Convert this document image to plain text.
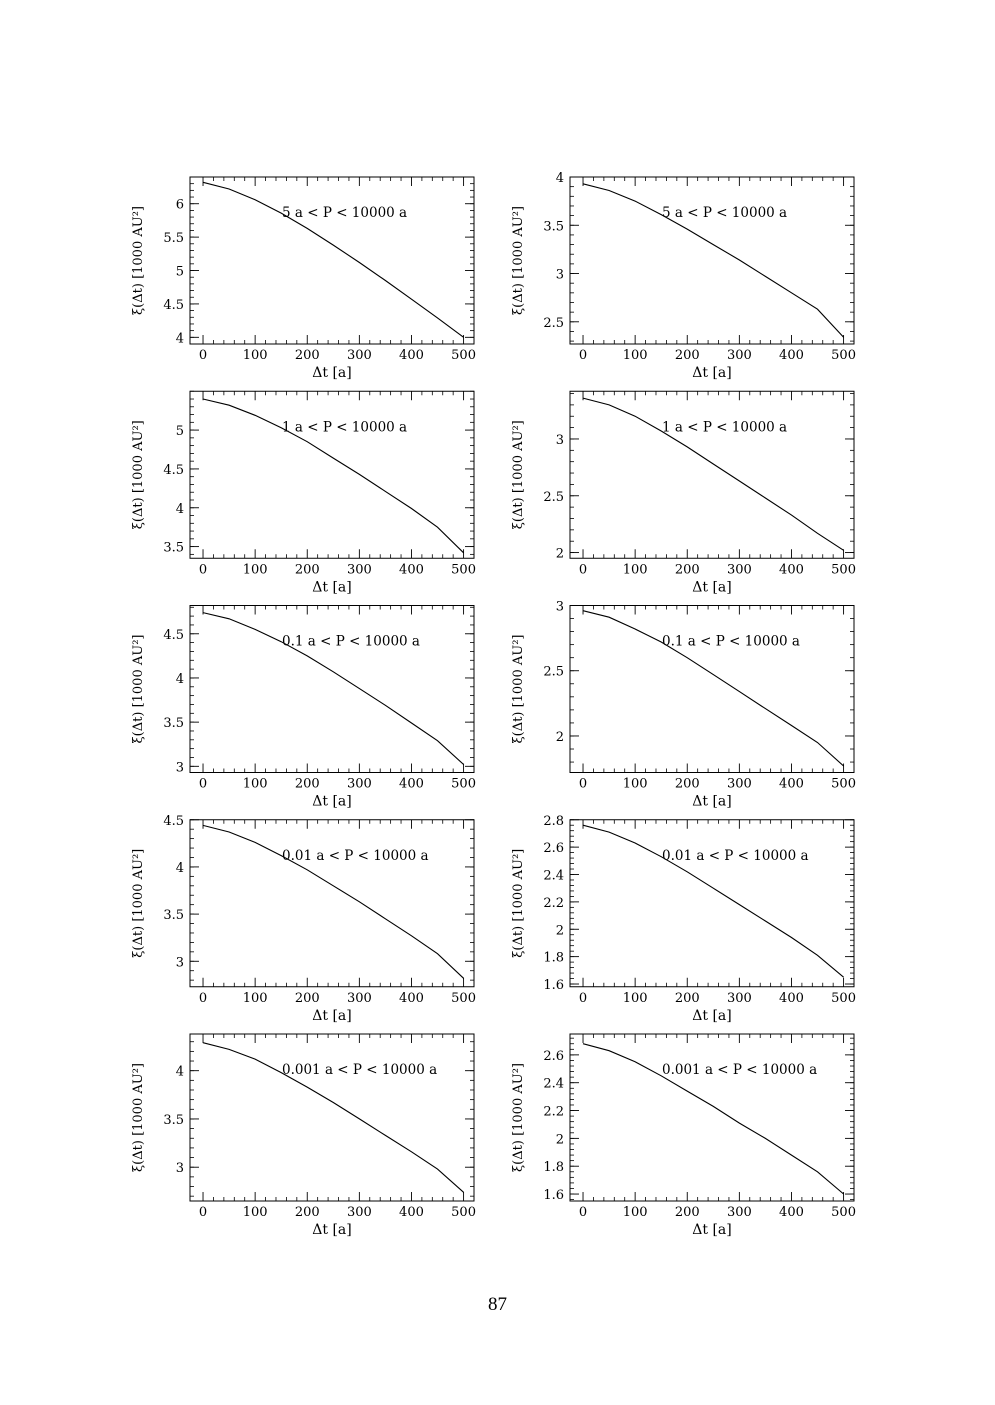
0	100 200 300 400 500
4
4.5
5
5.5
6
Δt [a]
ξ(Δt) [1000 AU²]	5 a < P < 10000 a
0	100 200 300 400 500
2.5
3
3.5
4
Δt [a]
ξ(Δt) [1000 AU²]	5 a < P < 10000 a
0	100 200 300 400 500
3.5
4
4.5
5
Δt [a]
ξ(Δt) [1000 AU²]	1 a < P < 10000 a
0	100 200 300 400 500
2
2.5
3
Δt [a]
ξ(Δt) [1000 AU²]	1 a < P < 10000 a
0	100 200 300 400 500
3
3.5
4
4.5
Δt [a]
ξ(Δt) [1000 AU²]	0.1 a < P < 10000 a
0	100 200 300 400 500
2
2.5
3
Δt [a]
ξ(Δt) [1000 AU²]	0.1 a < P < 10000 a
0	100 200 300 400 500
3
3.5
4
4.5
Δt [a]
ξ(Δt) [1000 AU²]	0.01 a < P < 10000 a
0	100 200 300 400 500
1.6
1.8
2
2.2
2.4
2.6
2.8
Δt [a]
ξ(Δt) [1000 AU²]	0.01 a < P < 10000 a
0	100 200 300 400 500
3
3.5
4
Δt [a]
ξ(Δt) [1000 AU²]	0.001 a < P < 10000 a
0	100 200 300 400 500
1.6
1.8
2
2.2
2.4
2.6
Δt [a]
ξ(Δt) [1000 AU²]	0.001 a < P < 10000 a
87
